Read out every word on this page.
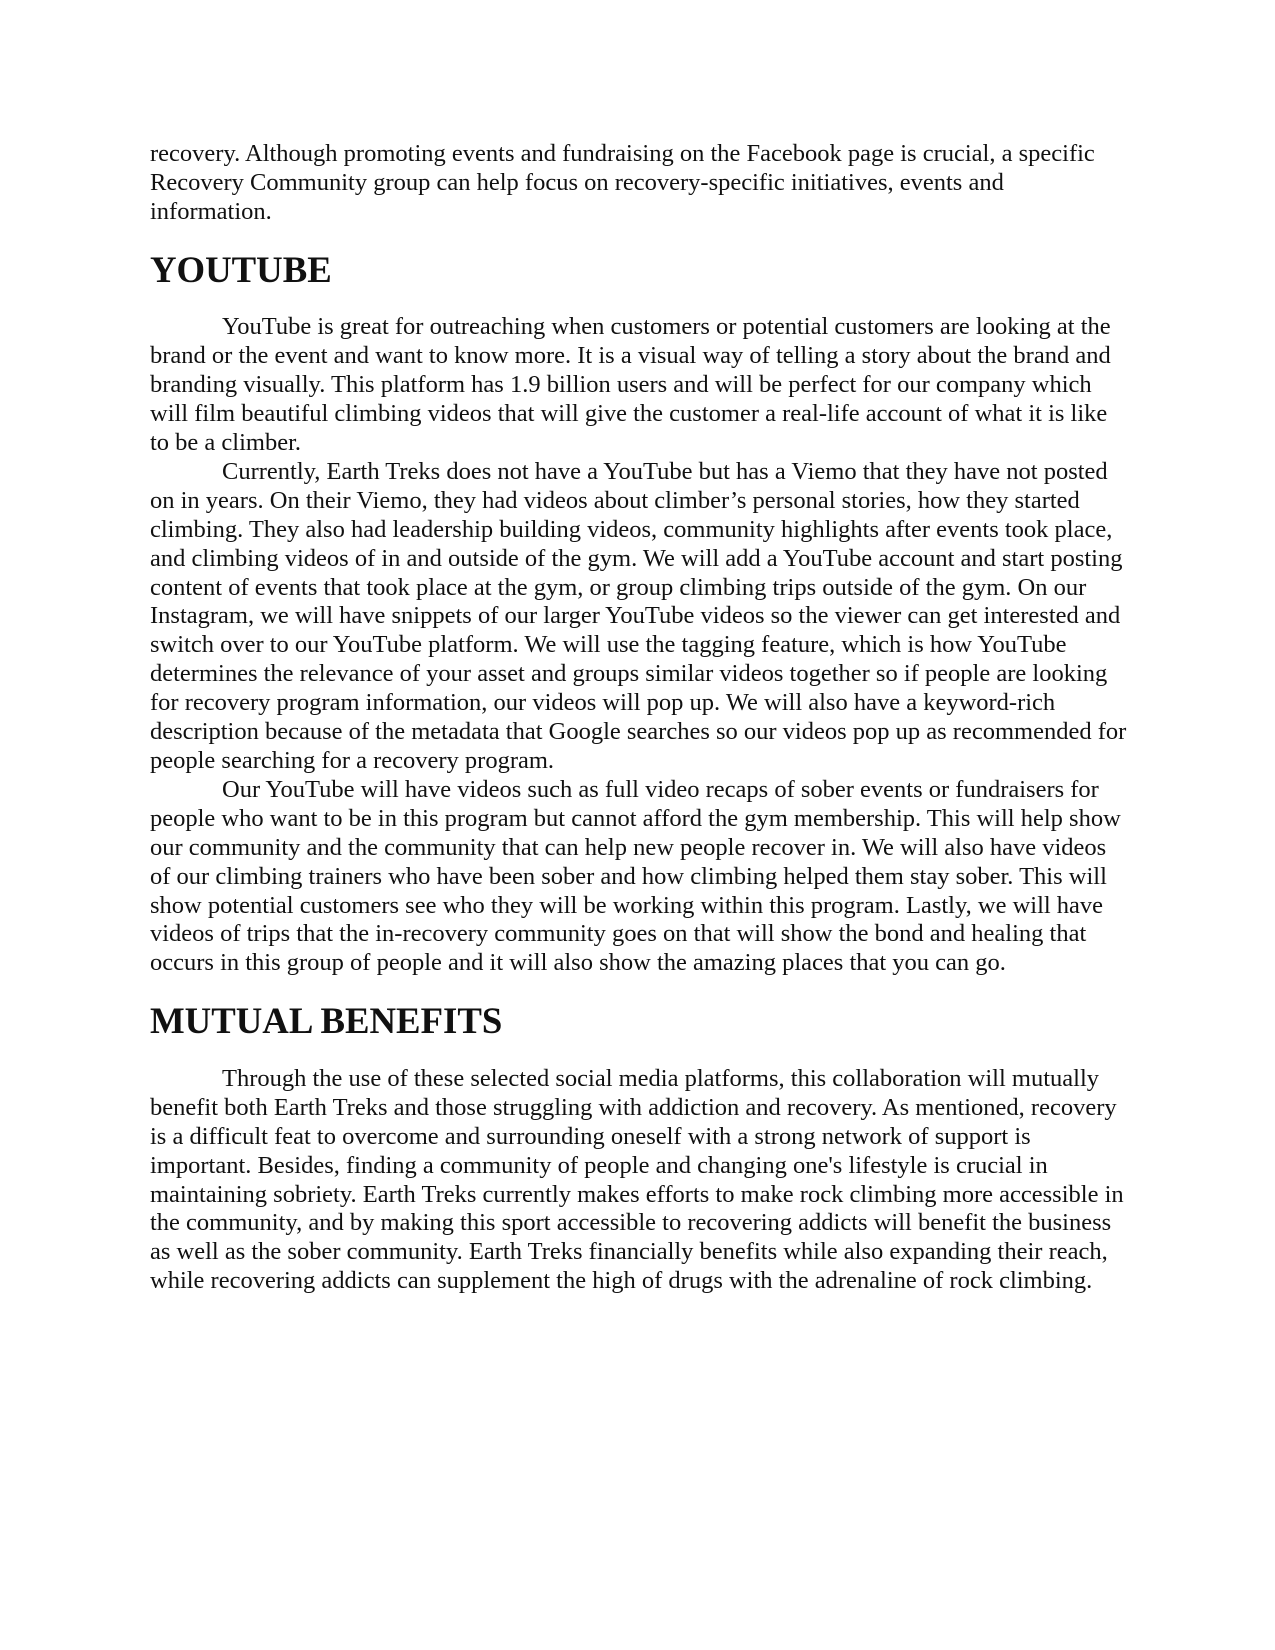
recovery. Although promoting events and fundraising on the Facebook page is crucial, a specific Recovery Community group can help focus on recovery-specific initiatives, events and information.

YOUTUBE

YouTube is great for outreaching when customers or potential customers are looking at the brand or the event and want to know more. It is a visual way of telling a story about the brand and branding visually. This platform has 1.9 billion users and will be perfect for our company which will film beautiful climbing videos that will give the customer a real-life account of what it is like to be a climber.

Currently, Earth Treks does not have a YouTube but has a Viemo that they have not posted on in years. On their Viemo, they had videos about climber’s personal stories, how they started climbing. They also had leadership building videos, community highlights after events took place, and climbing videos of in and outside of the gym. We will add a YouTube account and start posting content of events that took place at the gym, or group climbing trips outside of the gym. On our Instagram, we will have snippets of our larger YouTube videos so the viewer can get interested and switch over to our YouTube platform. We will use the tagging feature, which is how YouTube determines the relevance of your asset and groups similar videos together so if people are looking for recovery program information, our videos will pop up. We will also have a keyword-rich description because of the metadata that Google searches so our videos pop up as recommended for people searching for a recovery program.

Our YouTube will have videos such as full video recaps of sober events or fundraisers for people who want to be in this program but cannot afford the gym membership. This will help show our community and the community that can help new people recover in. We will also have videos of our climbing trainers who have been sober and how climbing helped them stay sober. This will show potential customers see who they will be working within this program. Lastly, we will have videos of trips that the in-recovery community goes on that will show the bond and healing that occurs in this group of people and it will also show the amazing places that you can go.

MUTUAL BENEFITS

Through the use of these selected social media platforms, this collaboration will mutually benefit both Earth Treks and those struggling with addiction and recovery. As mentioned, recovery is a difficult feat to overcome and surrounding oneself with a strong network of support is important. Besides, finding a community of people and changing one's lifestyle is crucial in maintaining sobriety. Earth Treks currently makes efforts to make rock climbing more accessible in the community, and by making this sport accessible to recovering addicts will benefit the business as well as the sober community. Earth Treks financially benefits while also expanding their reach, while recovering addicts can supplement the high of drugs with the adrenaline of rock climbing.
